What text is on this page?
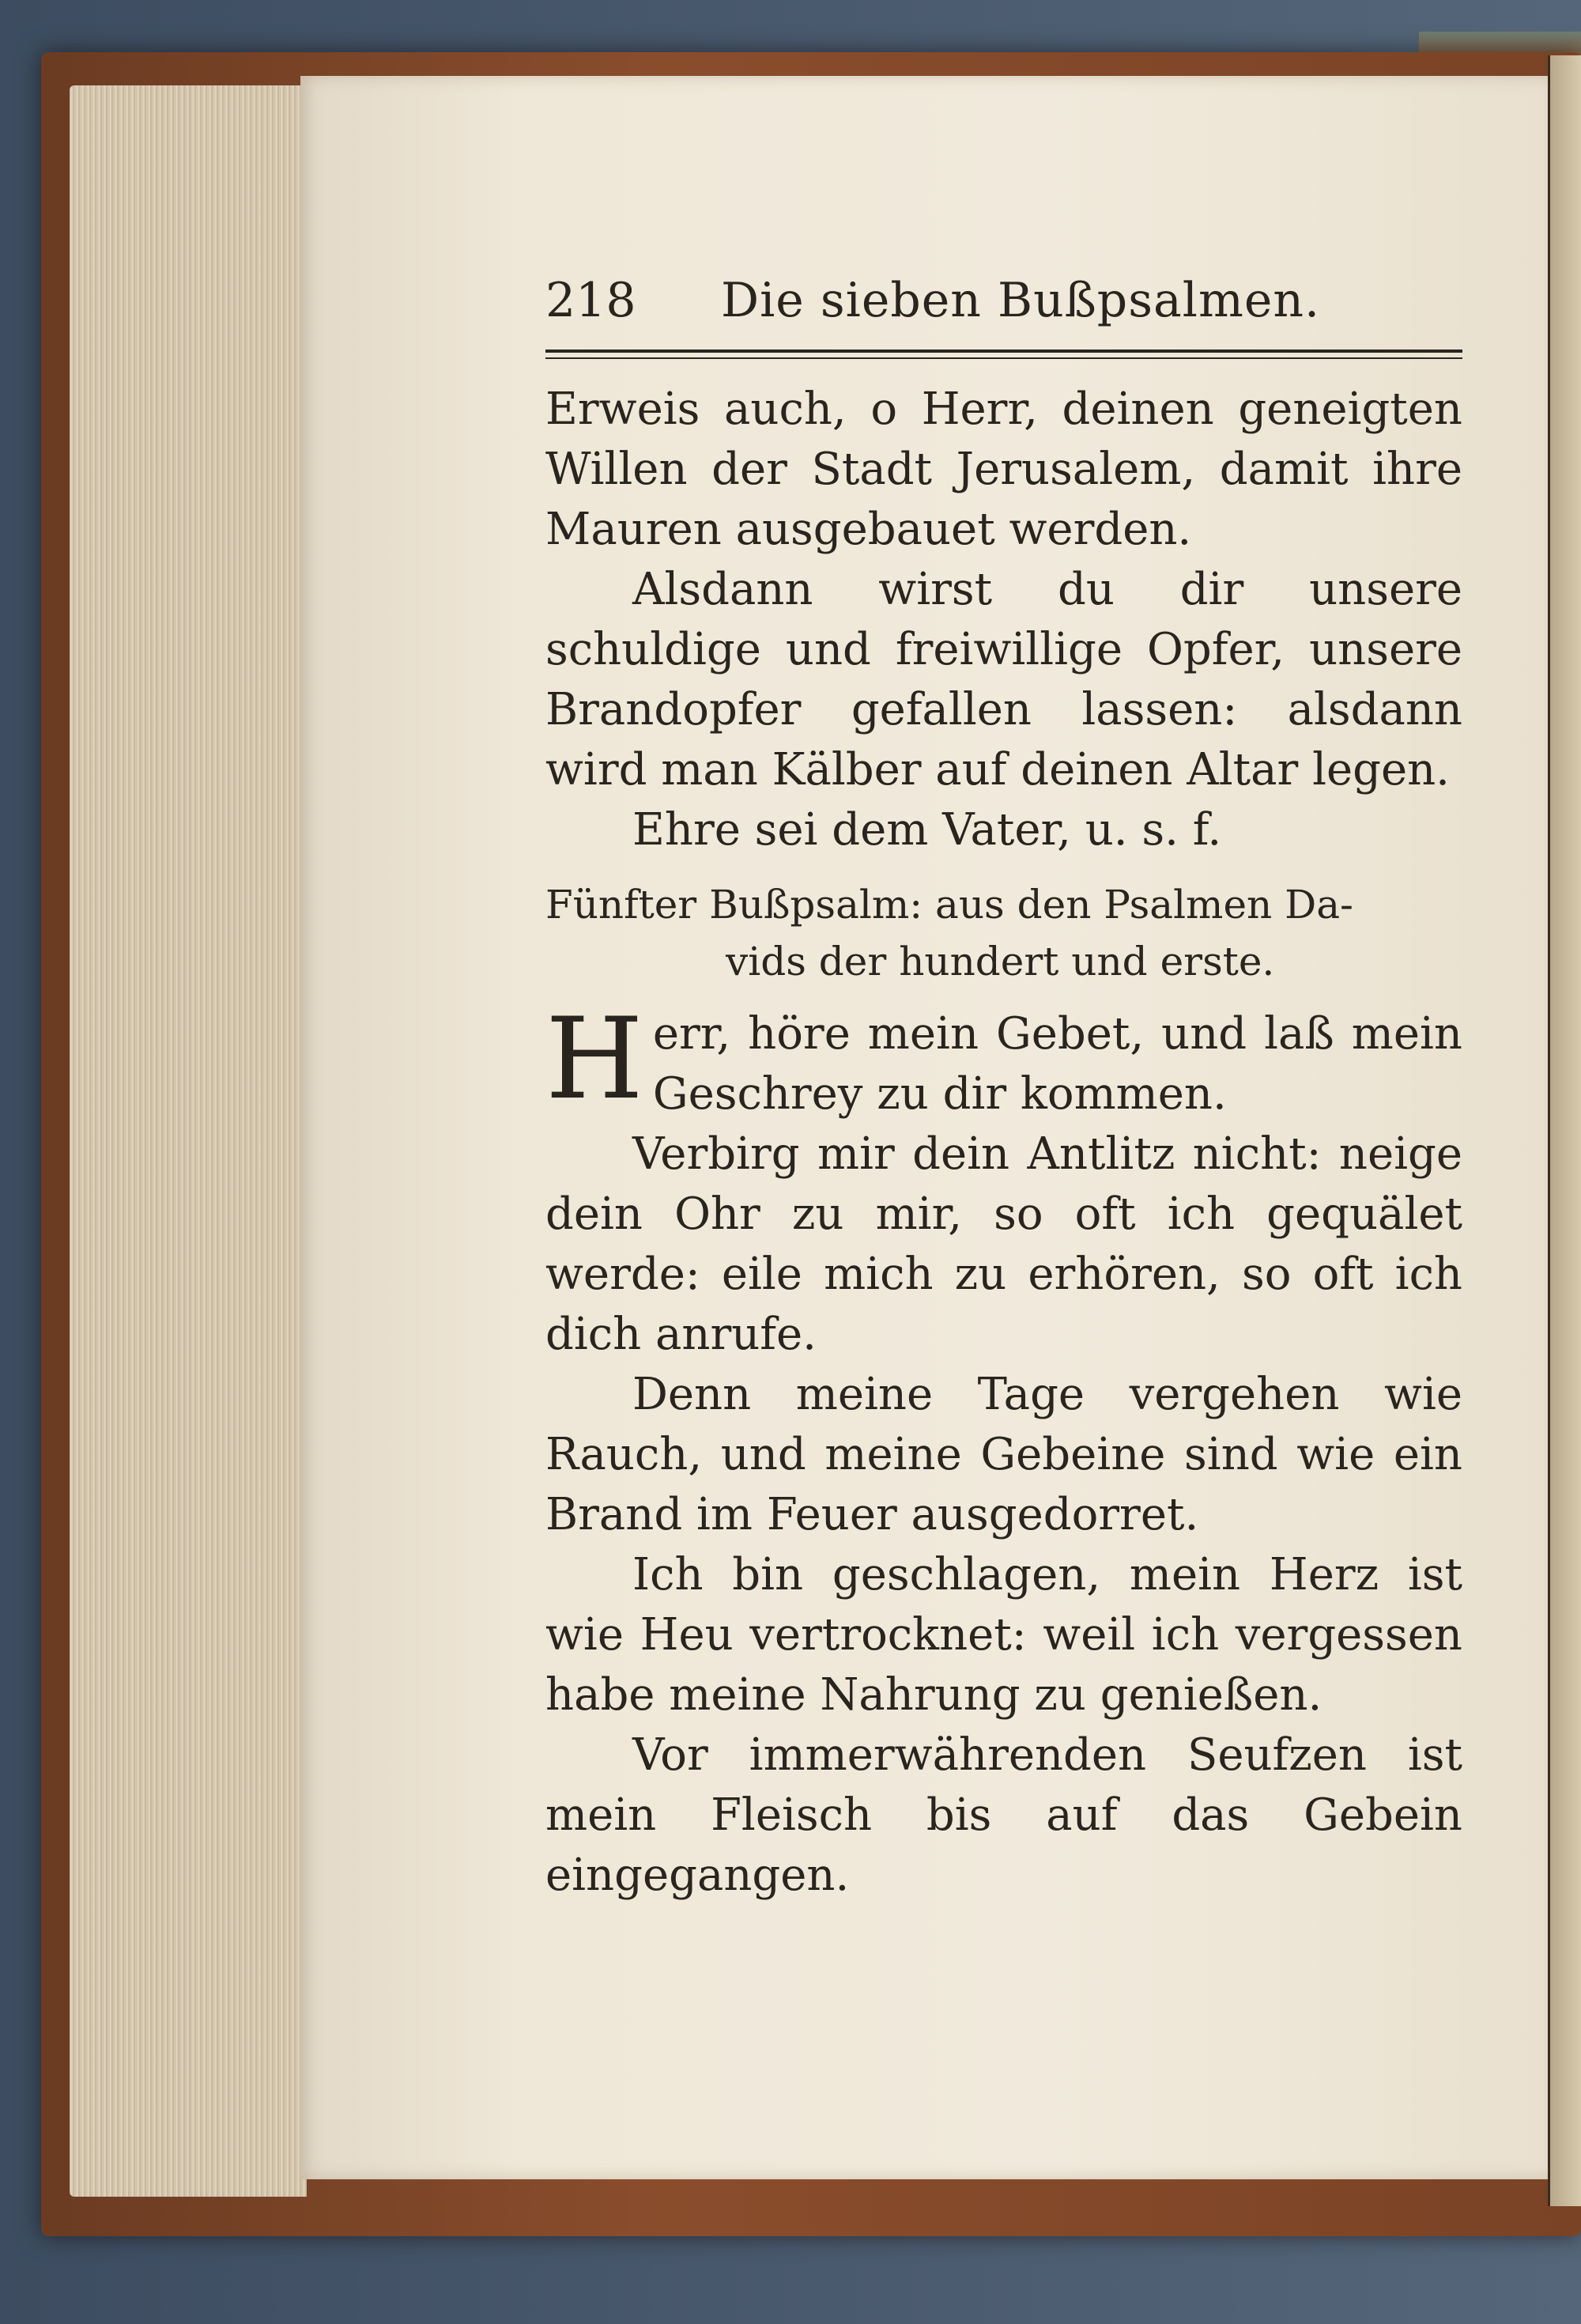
218 Die sieben Bußpsalmen.

Erweis auch, o Herr, deinen geneigten Willen der Stadt Jerusalem, damit ihre Mauren ausgebauet werden.

Alsdann wirst du dir unsere schuldige und freiwillige Opfer, unsere Brandopfer gefallen lassen: alsdann wird man Kälber auf deinen Altar legen.

Ehre sei dem Vater, u. s. f.

Fünfter Bußpsalm: aus den Psalmen Da-
vids der hundert und erste.

Herr, höre mein Gebet, und laß mein Geschrey zu dir kommen.

Verbirg mir dein Antlitz nicht: neige dein Ohr zu mir, so oft ich gequälet werde: eile mich zu erhören, so oft ich dich anrufe.

Denn meine Tage vergehen wie Rauch, und meine Gebeine sind wie ein Brand im Feuer ausgedorret.

Ich bin geschlagen, mein Herz ist wie Heu vertrocknet: weil ich vergessen habe meine Nahrung zu genießen.

Vor immerwährenden Seufzen ist mein Fleisch bis auf das Gebein eingegangen.
